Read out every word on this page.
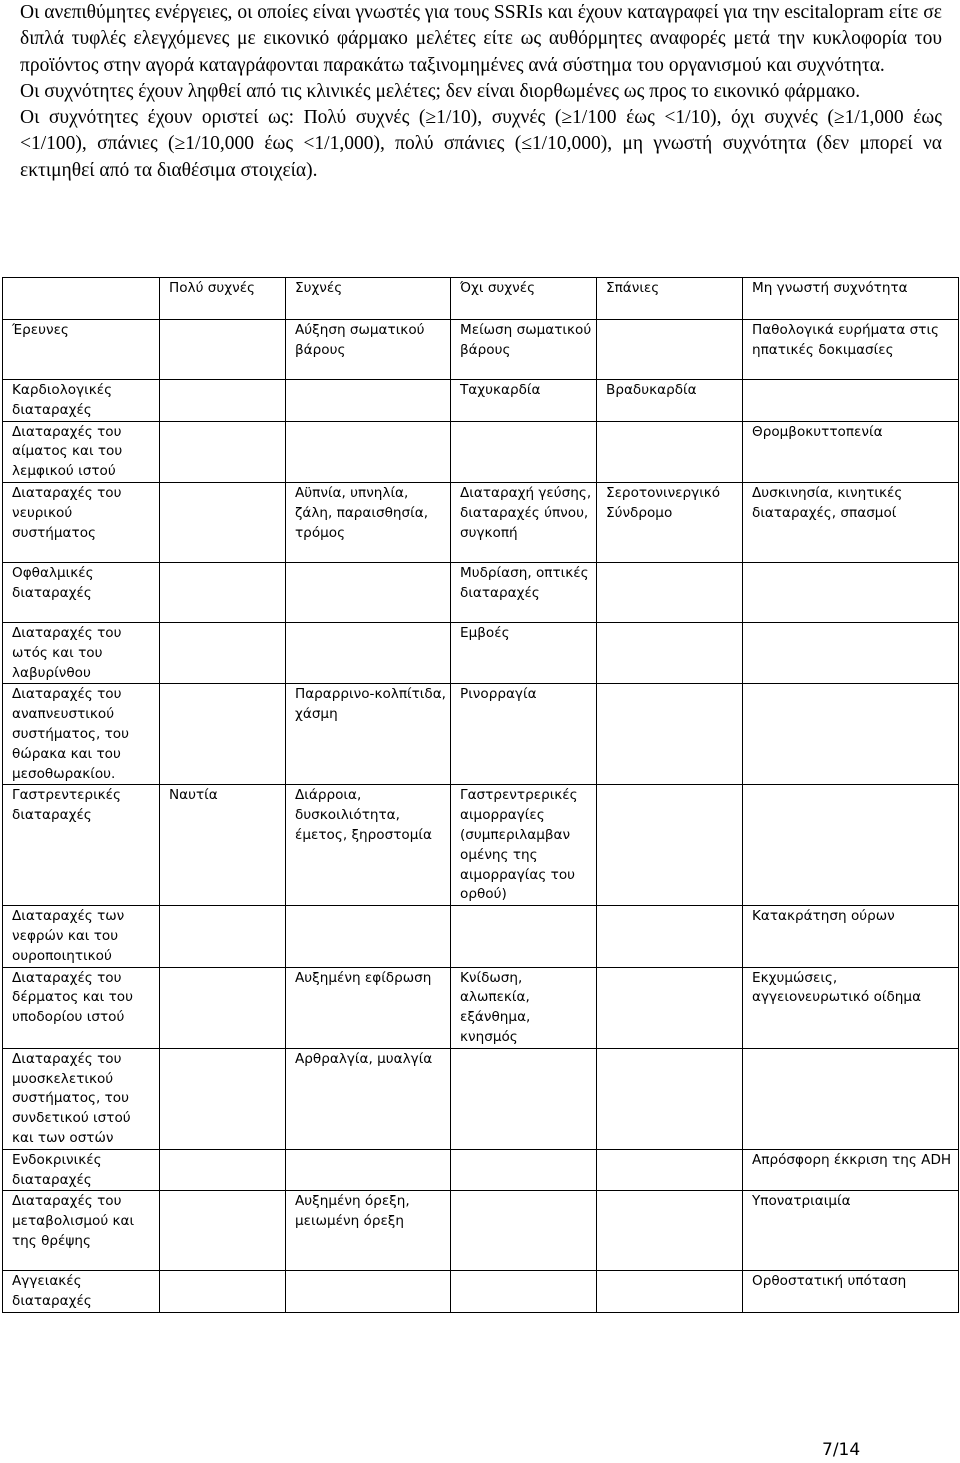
Οι ανεπιθύμητες ενέργειες, οι οποίες είναι γνωστές για τους SSRIs και έχουν καταγραφεί για την escitalopram είτε σε διπλά τυφλές ελεγχόμενες με εικονικό φάρμακο μελέτες είτε ως αυθόρμητες αναφορές μετά την κυκλοφορία του προϊόντος στην αγορά καταγράφονται παρακάτω ταξινομημένες ανά σύστημα του οργανισμού και συχνότητα.

Οι συχνότητες έχουν ληφθεί από τις κλινικές μελέτες; δεν είναι διορθωμένες ως προς το εικονικό φάρμακο.

Οι συχνότητες έχουν οριστεί ως: Πολύ συχνές (≥1/10), συχνές (≥1/100 έως <1/10), όχι συχνές (≥1/1,000 έως <1/100), σπάνιες (≥1/10,000 έως <1/1,000), πολύ σπάνιες (≤1/10,000), μη γνωστή συχνότητα (δεν μπορεί να εκτιμηθεί από τα διαθέσιμα στοιχεία).

	Πολύ συχνές	Συχνές	Όχι συχνές	Σπάνιες	Μη γνωστή συχνότητα
Έρευνες		Αύξηση σωματικού βάρους	Μείωση σωματικού βάρους		Παθολογικά ευρήματα στις ηπατικές δοκιμασίες
Καρδιολογικές διαταραχές			Ταχυκαρδία	Βραδυκαρδία	
Διαταραχές του αίματος και του λεμφικού ιστού					Θρομβοκυττοπενία
Διαταραχές του νευρικού συστήματος		Αϋπνία, υπνηλία, ζάλη, παραισθησία, τρόμος	Διαταραχή γεύσης, διαταραχές ύπνου, συγκοπή	Σεροτονινεργικό Σύνδρομο	Δυσκινησία, κινητικές διαταραχές, σπασμοί
Οφθαλμικές διαταραχές			Μυδρίαση, οπτικές διαταραχές		
Διαταραχές του ωτός και του λαβυρίνθου			Εμβοές		
Διαταραχές του αναπνευστικού συστήματος, του θώρακα και του μεσοθωρακίου.		Παραρρινο-κολπίτιδα, χάσμη	Ρινορραγία		
Γαστρεντερικές διαταραχές	Ναυτία	Διάρροια, δυσκοιλιότητα, έμετος, ξηροστομία	Γαστρεντρερικές αιμορραγίες (συμπεριλαμβαν ομένης της αιμορραγίας του ορθού)		
Διαταραχές των νεφρών και του ουροποιητικού					Κατακράτηση ούρων
Διαταραχές του δέρματος και του υποδορίου ιστού		Αυξημένη εφίδρωση	Κνίδωση, αλωπεκία, εξάνθημα, κνησμός		Εκχυμώσεις, αγγειονευρωτικό οίδημα
Διαταραχές του μυοσκελετικού συστήματος, του συνδετικού ιστού και των οστών		Αρθραλγία, μυαλγία			
Ενδοκρινικές διαταραχές					Απρόσφορη έκκριση της ADH
Διαταραχές του μεταβολισμού και της θρέψης		Αυξημένη όρεξη, μειωμένη όρεξη			Υπονατριαιμία
Αγγειακές διαταραχές					Ορθοστατική υπόταση
7/14
